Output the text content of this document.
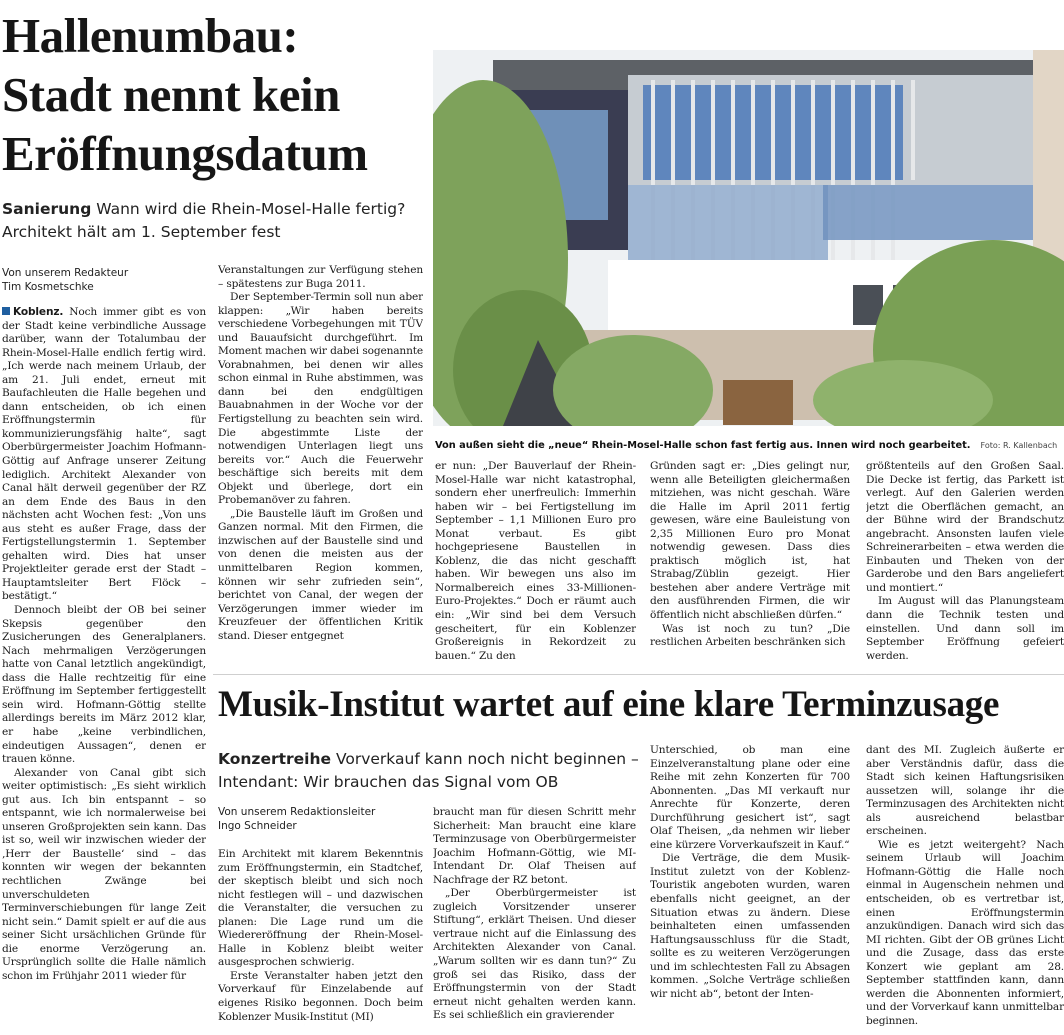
Hallenumbau:
Stadt nennt kein
Eröffnungsdatum
Sanierung Wann wird die Rhein-Mosel-Halle fertig? Architekt hält am 1. September fest
Von unserem Redakteur
Tim Kosmetschke

Koblenz. Noch immer gibt es von der Stadt keine verbindliche Aussage darüber, wann der Totalumbau der Rhein-Mosel-Halle endlich fertig wird. „Ich werde nach meinem Urlaub, der am 21. Juli endet, erneut mit Baufachleuten die Halle begehen und dann entscheiden, ob ich einen Eröffnungstermin für kommunizierungsfähig halte“, sagt Oberbürgermeister Joachim Hofmann-Göttig auf Anfrage unserer Zeitung lediglich. Architekt Alexander von Canal hält derweil gegenüber der RZ an dem Ende des Baus in den nächsten acht Wochen fest: „Von uns aus steht es außer Frage, dass der Fertigstellungstermin 1. September gehalten wird. Dies hat unser Projektleiter gerade erst der Stadt – Hauptamtsleiter Bert Flöck – bestätigt.“

Dennoch bleibt der OB bei seiner Skepsis gegenüber den Zusicherungen des Generalplaners. Nach mehrmaligen Verzögerungen hatte von Canal letztlich angekündigt, dass die Halle rechtzeitig für eine Eröffnung im September fertiggestellt sein wird. Hofmann-Göttig stellte allerdings bereits im März 2012 klar, er habe „keine verbindlichen, eindeutigen Aussagen“, denen er trauen könne.

Alexander von Canal gibt sich weiter optimistisch: „Es sieht wirklich gut aus. Ich bin entspannt – so entspannt, wie ich normalerweise bei unseren Großprojekten sein kann. Das ist so, weil wir inzwischen wieder der ‚Herr der Baustelle‘ sind – das konnten wir wegen der bekannten rechtlichen Zwänge bei unverschuldeten Terminverschiebungen für lange Zeit nicht sein.“ Damit spielt er auf die aus seiner Sicht ursächlichen Gründe für die enorme Verzögerung an. Ursprünglich sollte die Halle nämlich schon im Frühjahr 2011 wieder für

Veranstaltungen zur Verfügung stehen – spätestens zur Buga 2011.

Der September-Termin soll nun aber klappen: „Wir haben bereits verschiedene Vorbegehungen mit TÜV und Bauaufsicht durchgeführt. Im Moment machen wir dabei sogenannte Vorabnahmen, bei denen wir alles schon einmal in Ruhe abstimmen, was dann bei den endgültigen Bauabnahmen in der Woche vor der Fertigstellung zu beachten sein wird. Die abgestimmte Liste der notwendigen Unterlagen liegt uns bereits vor.“ Auch die Feuerwehr beschäftige sich bereits mit dem Objekt und überlege, dort ein Probemanöver zu fahren.

„Die Baustelle läuft im Großen und Ganzen normal. Mit den Firmen, die inzwischen auf der Baustelle sind und von denen die meisten aus der unmittelbaren Region kommen, können wir sehr zufrieden sein“, berichtet von Canal, der wegen der Verzögerungen immer wieder im Kreuzfeuer der öffentlichen Kritik stand. Dieser entgegnet

Von außen sieht die „neue“ Rhein-Mosel-Halle schon fast fertig aus. Innen wird noch gearbeitet. Foto: R. Kallenbach

er nun: „Der Bauverlauf der Rhein-Mosel-Halle war nicht katastrophal, sondern eher unerfreulich: Immerhin haben wir – bei Fertigstellung im September – 1,1 Millionen Euro pro Monat verbaut. Es gibt hochgepriesene Baustellen in Koblenz, die das nicht geschafft haben. Wir bewegen uns also im Normalbereich eines 33-Millionen-Euro-Projektes.“ Doch er räumt auch ein: „Wir sind bei dem Versuch gescheitert, für ein Koblenzer Großereignis in Rekordzeit zu bauen.“ Zu den

Gründen sagt er: „Dies gelingt nur, wenn alle Beteiligten gleichermaßen mitziehen, was nicht geschah. Wäre die Halle im April 2011 fertig gewesen, wäre eine Bauleistung von 2,35 Millionen Euro pro Monat notwendig gewesen. Dass dies praktisch möglich ist, hat Strabag/Züblin gezeigt. Hier bestehen aber andere Verträge mit den ausführenden Firmen, die wir öffentlich nicht abschließen dürfen.“

Was ist noch zu tun? „Die restlichen Arbeiten beschränken sich

größtenteils auf den Großen Saal. Die Decke ist fertig, das Parkett ist verlegt. Auf den Galerien werden jetzt die Oberflächen gemacht, an der Bühne wird der Brandschutz angebracht. Ansonsten laufen viele Schreinerarbeiten – etwa werden die Einbauten und Theken von der Garderobe und den Bars angeliefert und montiert.“

Im August will das Planungsteam dann die Technik testen und einstellen. Und dann soll im September Eröffnung gefeiert werden.

Musik-Institut wartet auf eine klare Terminzusage
Konzertreihe Vorverkauf kann noch nicht beginnen – Intendant: Wir brauchen das Signal vom OB
Von unserem Redaktionsleiter
Ingo Schneider

Ein Architekt mit klarem Bekenntnis zum Eröffnungstermin, ein Stadtchef, der skeptisch bleibt und sich noch nicht festlegen will – und dazwischen die Veranstalter, die versuchen zu planen: Die Lage rund um die Wiedereröffnung der Rhein-Mosel-Halle in Koblenz bleibt weiter ausgesprochen schwierig.

Erste Veranstalter haben jetzt den Vorverkauf für Einzelabende auf eigenes Risiko begonnen. Doch beim Koblenzer Musik-Institut (MI)

braucht man für diesen Schritt mehr Sicherheit: Man braucht eine klare Terminzusage von Oberbürgermeister Joachim Hofmann-Göttig, wie MI-Intendant Dr. Olaf Theisen auf Nachfrage der RZ betont.

„Der Oberbürgermeister ist zugleich Vorsitzender unserer Stiftung“, erklärt Theisen. Und dieser vertraue nicht auf die Einlassung des Architekten Alexander von Canal. „Warum sollten wir es dann tun?“ Zu groß sei das Risiko, dass der Eröffnungstermin von der Stadt erneut nicht gehalten werden kann. Es sei schließlich ein gravierender

Unterschied, ob man eine Einzelveranstaltung plane oder eine Reihe mit zehn Konzerten für 700 Abonnenten. „Das MI verkauft nur Anrechte für Konzerte, deren Durchführung gesichert ist“, sagt Olaf Theisen, „da nehmen wir lieber eine kürzere Vorverkaufszeit in Kauf.“

Die Verträge, die dem Musik-Institut zuletzt von der Koblenz-Touristik angeboten wurden, waren ebenfalls nicht geeignet, an der Situation etwas zu ändern. Diese beinhalteten einen umfassenden Haftungsausschluss für die Stadt, sollte es zu weiteren Verzögerungen und im schlechtesten Fall zu Absagen kommen. „Solche Verträge schließen wir nicht ab“, betont der Inten-

dant des MI. Zugleich äußerte er aber Verständnis dafür, dass die Stadt sich keinen Haftungsrisiken aussetzen will, solange ihr die Terminzusagen des Architekten nicht als ausreichend belastbar erscheinen.

Wie es jetzt weitergeht? Nach seinem Urlaub will Joachim Hofmann-Göttig die Halle noch einmal in Augenschein nehmen und entscheiden, ob es vertretbar ist, einen Eröffnungstermin anzukündigen. Danach wird sich das MI richten. Gibt der OB grünes Licht und die Zusage, dass das erste Konzert wie geplant am 28. September stattfinden kann, dann werden die Abonnenten informiert, und der Vorverkauf kann unmittelbar beginnen.
